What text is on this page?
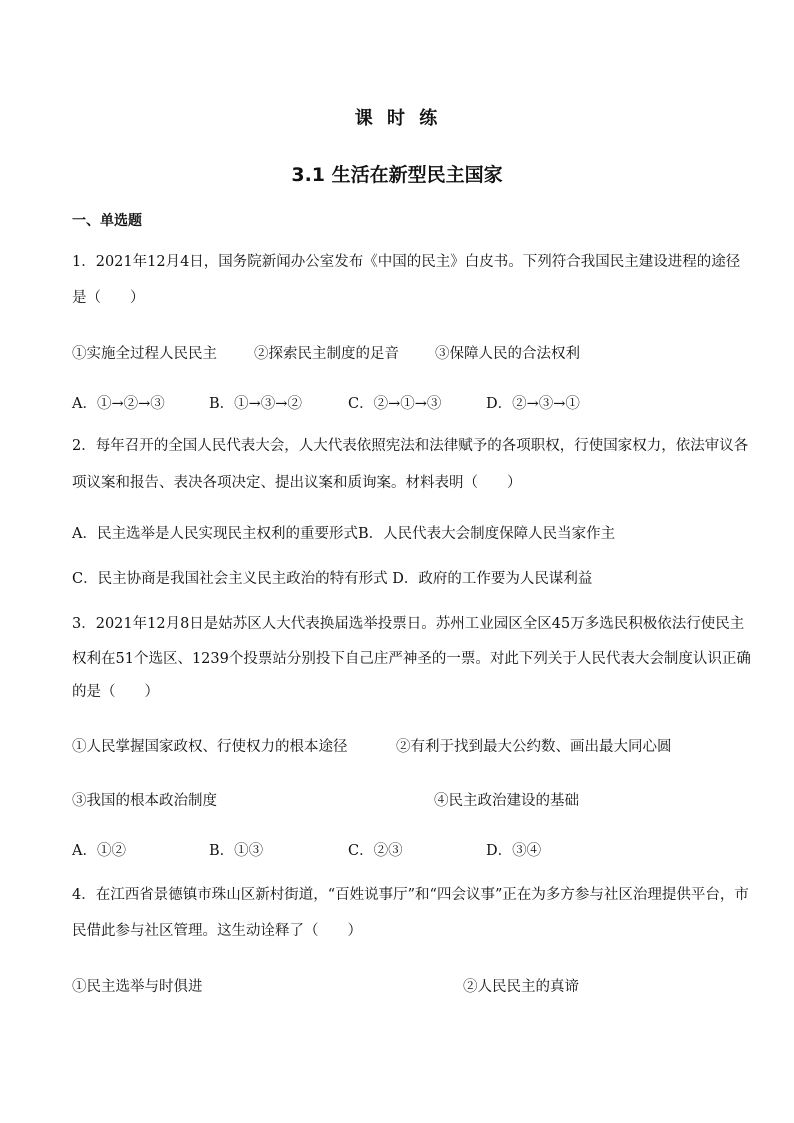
课 时 练
3.1 生活在新型民主国家
一、单选题
1．2021年12月4日，国务院新闻办公室发布《中国的民主》白皮书。下列符合我国民主建设进程的途径
是（　　）
①实施全过程人民民主	②探索民主制度的足音 ③保障人民的合法权利
A．①→②→③	B．①→③→②	C．②→①→③	D．②→③→①
2．每年召开的全国人民代表大会，人大代表依照宪法和法律赋予的各项职权，行使国家权力，依法审议各
项议案和报告、表决各项决定、提出议案和质询案。材料表明（　　）
A．民主选举是人民实现民主权利的重要形式B．人民代表大会制度保障人民当家作主
C．民主协商是我国社会主义民主政治的特有形式 D．政府的工作要为人民谋利益
3．2021年12月8日是姑苏区人大代表换届选举投票日。苏州工业园区全区45万多选民积极依法行使民主
权利在51个选区、1239个投票站分别投下自己庄严神圣的一票。对此下列关于人民代表大会制度认识正确
的是（　　）
①人民掌握国家政权、行使权力的根本途径	②有利于找到最大公约数、画出最大同心圆
③我国的根本政治制度	④民主政治建设的基础
A．①②	B．①③	C．②③	D．③④
4．在江西省景德镇市珠山区新村街道，“百姓说事厅”和“四会议事”正在为多方参与社区治理提供平台，市
民借此参与社区管理。这生动诠释了（　　）
①民主选举与时俱进	②人民民主的真谛
